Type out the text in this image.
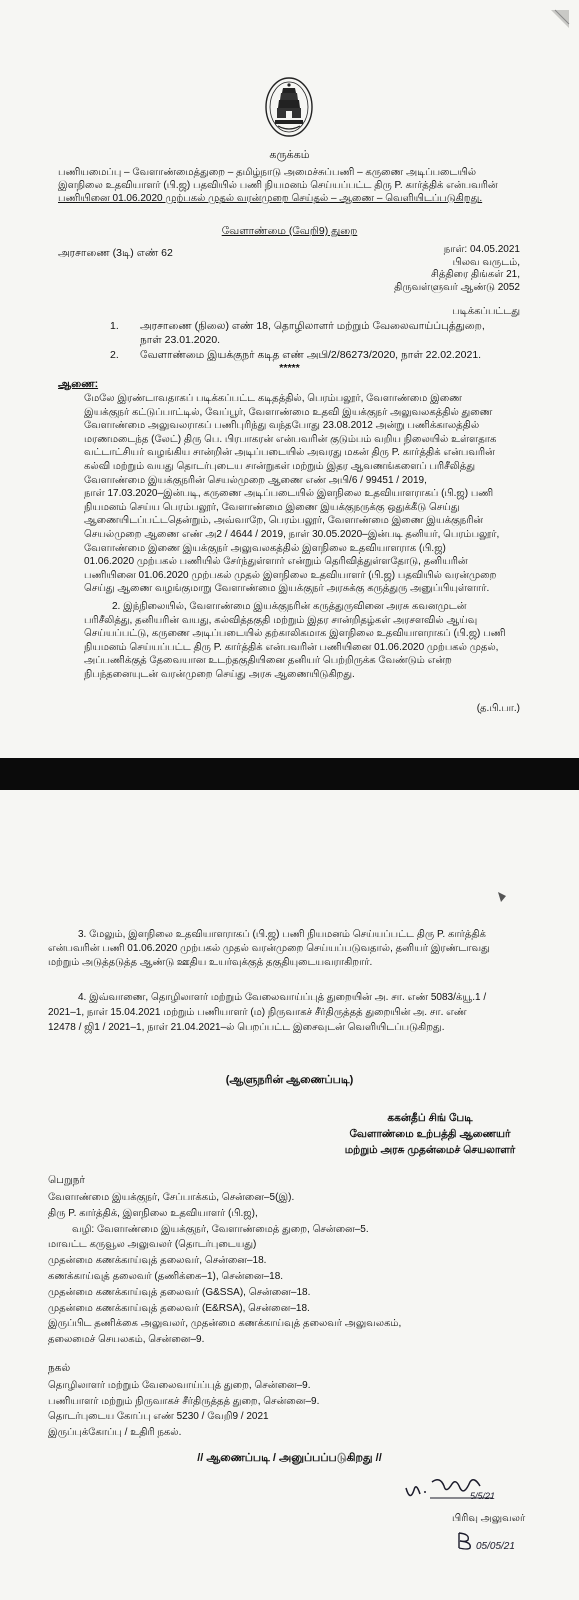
கருக்கம்
பணியமைப்பு – வேளாண்மைத்துறை – தமிழ்நாடு அமைச்சுப்பணி – கருணை அடிப்படையில்
இளநிலை உதவியாளர் (பி.ஜ) பதவியில் பணி நியமனம் செய்யப்பட்ட திரு P. கார்த்திக் என்பவரின்
பணியினை 01.06.2020 முற்பகல் முதல் வரன்முறை செய்தல் – ஆணை – வெளியிடப்படுகிறது.
வேளாண்மை (வேறி9) துறை
அரசாணை (3டி) எண் 62	நாள்: 04.05.2021
பிலவ வருடம்,
சித்திரை திங்கள் 21,
திருவள்ளுவர் ஆண்டு 2052
படிக்கப்பட்டது
1.	அரசாணை (நிலை) எண் 18, தொழிலாளர் மற்றும் வேலைவாய்ப்புத்துறை,
நாள் 23.01.2020.
2.	வேளாண்மை இயக்குநர் கடித எண் அபி/2/86273/2020, நாள் 22.02.2021.
*****
ஆணை:
மேலே இரண்டாவதாகப் படிக்கப்பட்ட கடிதத்தில், பெரம்பலூர், வேளாண்மை இணை
இயக்குநர் கட்டுப்பாட்டில், வேப்பூர், வேளாண்மை உதவி இயக்குநர் அலுவலகத்தில் துணை
வேளாண்மை அலுவலராகப் பணிபுரிந்து வந்தபோது 23.08.2012 அன்று பணிக்காலத்தில்
மரணமடைந்த (லேட்) திரு பெ. பிரபாகரன் என்பவரின் குடும்பம் வறிய நிலையில் உள்ளதாக
வட்டாட்சியர் வழங்கிய சான்றின் அடிப்படையில் அவரது மகன் திரு P. கார்த்திக் என்பவரின்
கல்வி மற்றும் வயது தொடர்புடைய சான்றுகள் மற்றும் இதர ஆவணங்களைப் பரிசீலித்து
வேளாண்மை இயக்குநரின் செயல்முறை ஆணை எண் அபி/6 / 99451 / 2019,
நாள் 17.03.2020–இன்படி, கருணை அடிப்படையில் இளநிலை உதவியாளராகப் (பி.ஜ) பணி
நியமனம் செய்ய பெரம்பலூர், வேளாண்மை இணை இயக்குநருக்கு ஒதுக்கீடு செய்து
ஆணையிடப்பட்டதென்றும், அவ்வாறே, பெரம்பலூர், வேளாண்மை இணை இயக்குநரின்
செயல்முறை ஆணை எண் அ2 / 4644 / 2019, நாள் 30.05.2020–இன்படி தனியர், பெரம்பலூர்,
வேளாண்மை இணை இயக்குநர் அலுவலகத்தில் இளநிலை உதவியாளராக (பி.ஜ)
01.06.2020 முற்பகல் பணியில் சேர்ந்துள்ளார் என்றும் தெரிவித்துள்ளதோடு, தனியரின்
பணியினை 01.06.2020 முற்பகல் முதல் இளநிலை உதவியாளர் (பி.ஜ) பதவியில் வரன்முறை
செய்து ஆணை வழங்குமாறு வேளாண்மை இயக்குநர் அரசுக்கு கருத்துரு அனுப்பியுள்ளார்.
2. இந்நிலையில், வேளாண்மை இயக்குநரின் கருத்துருவினை அரசு கவனமுடன்
பரிசீலித்து, தனியரின் வயது, கல்வித்தகுதி மற்றும் இதர சான்றிதழ்கள் அரசளவில் ஆய்வு
செய்யப்பட்டு, கருணை அடிப்படையில் தற்காலிகமாக இளநிலை உதவியாளராகப் (பி.ஜ) பணி
நியமனம் செய்யப்பட்ட திரு P. கார்த்திக் என்பவரின் பணியினை 01.06.2020 முற்பகல் முதல்,
அப்பணிக்குத் தேவையான உடற்தகுதியினை தனியர் பெற்றிருக்க வேண்டும் என்ற
நிபந்தனையுடன் வரன்முறை செய்து அரசு ஆணையிடுகிறது.
(த.பி.பா.)
3. மேலும், இளநிலை உதவியாளராகப் (பி.ஜ) பணி நியமனம் செய்யப்பட்ட திரு P. கார்த்திக்
என்பவரின் பணி 01.06.2020 முற்பகல் முதல் வரன்முறை செய்யப்படுவதால், தனியர் இரண்டாவது
மற்றும் அடுத்தடுத்த ஆண்டு ஊதிய உயர்வுக்குத் தகுதியுடையவராகிறார்.
4. இவ்வாணை, தொழிலாளர் மற்றும் வேலைவாய்ப்புத் துறையின் அ. சா. எண் 5083/க்யூ.1 /
2021–1, நாள் 15.04.2021 மற்றும் பணியாளர் (ம) நிருவாகச் சீர்திருத்தத் துறையின் அ. சா. எண்
12478 / ஜி1 / 2021–1, நாள் 21.04.2021–ல் பெறப்பட்ட இசைவுடன் வெளியிடப்படுகிறது.
(ஆளுநரின் ஆணைப்படி)
ககன்தீப் சிங் பேடி
வேளாண்மை உற்பத்தி ஆணையர்
மற்றும் அரசு முதன்மைச் செயலாளர்
பெறுநர்
வேளாண்மை இயக்குநர், சேப்பாக்கம், சென்னை–5(இ).
திரு P. கார்த்திக், இளநிலை உதவியாளர் (பி.ஜ),
வழி: வேளாண்மை இயக்குநர், வேளாண்மைத் துறை, சென்னை–5.
மாவட்ட கருவூல அலுவலர் (தொடர்புடையது)
முதன்மை கணக்காய்வுத் தலைவர், சென்னை–18.
கணக்காய்வுத் தலைவர் (தணிக்கை–1), சென்னை–18.
முதன்மை கணக்காய்வுத் தலைவர் (G&SSA), சென்னை–18.
முதன்மை கணக்காய்வுத் தலைவர் (E&RSA), சென்னை–18.
இருப்பிட தணிக்கை அலுவலர், முதன்மை கணக்காய்வுத் தலைவர் அலுவலகம்,
தலைமைச் செயலகம், சென்னை–9.
நகல்
தொழிலாளர் மற்றும் வேலைவாய்ப்புத் துறை, சென்னை–9.
பணியாளர் மற்றும் நிருவாகச் சீர்திருத்தத் துறை, சென்னை–9.
தொடர்புடைய கோப்பு எண் 5230 / வேறி9 / 2021
இருப்புக்கோப்பு / உதிரி நகல்.
// ஆணைப்படி / அனுப்பப்படுகிறது //
5/5/21
பிரிவு அலுவலர்
05/05/21
